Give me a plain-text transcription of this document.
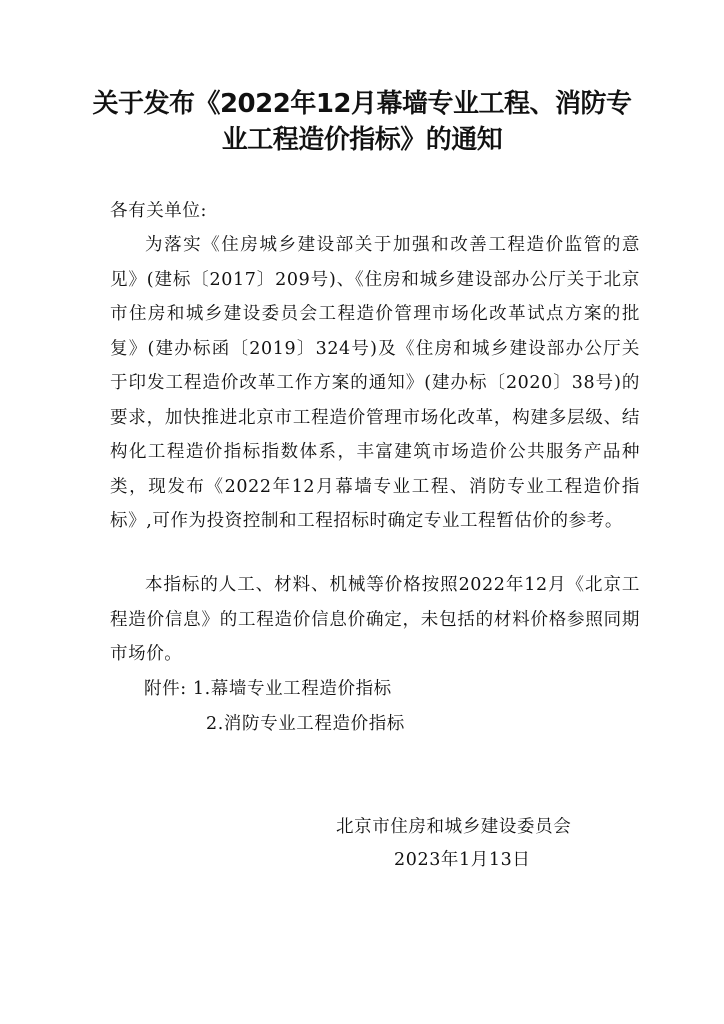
关于发布《2022年12月幕墙专业工程、消防专
业工程造价指标》的通知
各有关单位:

为落实《住房城乡建设部关于加强和改善工程造价监管的意见》(建标〔2017〕209号)、《住房和城乡建设部办公厅关于北京市住房和城乡建设委员会工程造价管理市场化改革试点方案的批复》(建办标函〔2019〕324号)及《住房和城乡建设部办公厅关于印发工程造价改革工作方案的通知》(建办标〔2020〕38号)的要求，加快推进北京市工程造价管理市场化改革，构建多层级、结构化工程造价指标指数体系，丰富建筑市场造价公共服务产品种类，现发布《2022年12月幕墙专业工程、消防专业工程造价指标》,可作为投资控制和工程招标时确定专业工程暂估价的参考。

本指标的人工、材料、机械等价格按照2022年12月《北京工程造价信息》的工程造价信息价确定，未包括的材料价格参照同期市场价。

附件: 1.幕墙专业工程造价指标
2.消防专业工程造价指标
北京市住房和城乡建设委员会
2023年1月13日
